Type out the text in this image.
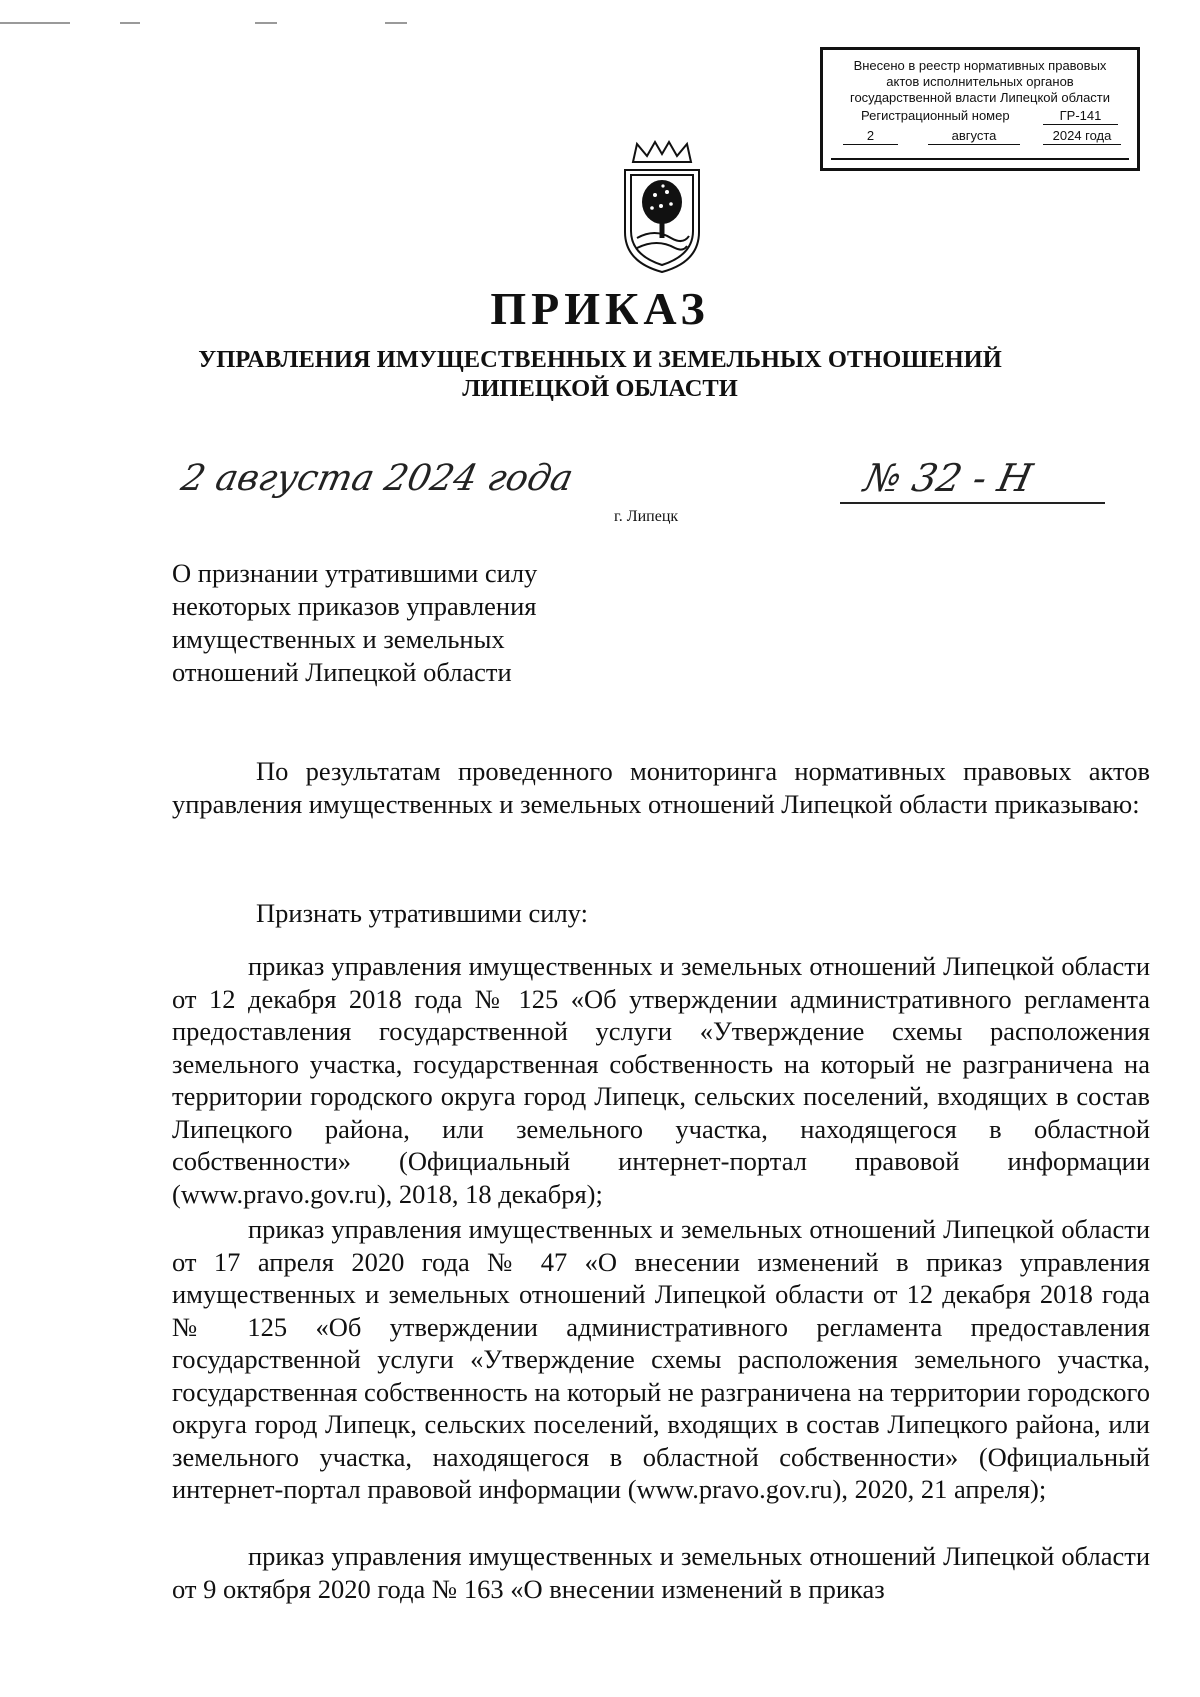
Внесено в реестр нормативных правовых
актов исполнительных органов
государственной власти Липецкой области
Регистрационный номер	ГР-141
2	августа	2024 года
ПРИКАЗ
УПРАВЛЕНИЯ ИМУЩЕСТВЕННЫХ И ЗЕМЕЛЬНЫХ ОТНОШЕНИЙ
ЛИПЕЦКОЙ ОБЛАСТИ
2 августа 2024 года	№ 32 - Н
г. Липецк
О признании утратившими силу
некоторых приказов управления
имущественных и земельных
отношений Липецкой области
По результатам проведенного мониторинга нормативных правовых актов управления имущественных и земельных отношений Липецкой области приказываю:
Признать утратившими силу:
приказ управления имущественных и земельных отношений Липецкой области от 12 декабря 2018 года № 125 «Об утверждении административного регламента предоставления государственной услуги «Утверждение схемы расположения земельного участка, государственная собственность на который не разграничена на территории городского округа город Липецк, сельских поселений, входящих в состав Липецкого района, или земельного участка, находящегося в областной собственности» (Официальный интернет-портал правовой информации (www.pravo.gov.ru), 2018, 18 декабря);
приказ управления имущественных и земельных отношений Липецкой области от 17 апреля 2020 года № 47 «О внесении изменений в приказ управления имущественных и земельных отношений Липецкой области от 12 декабря 2018 года № 125 «Об утверждении административного регламента предоставления государственной услуги «Утверждение схемы расположения земельного участка, государственная собственность на который не разграничена на территории городского округа город Липецк, сельских поселений, входящих в состав Липецкого района, или земельного участка, находящегося в областной собственности» (Официальный интернет-портал правовой информации (www.pravo.gov.ru), 2020, 21 апреля);
приказ управления имущественных и земельных отношений Липецкой области от 9 октября 2020 года № 163 «О внесении изменений в приказ
